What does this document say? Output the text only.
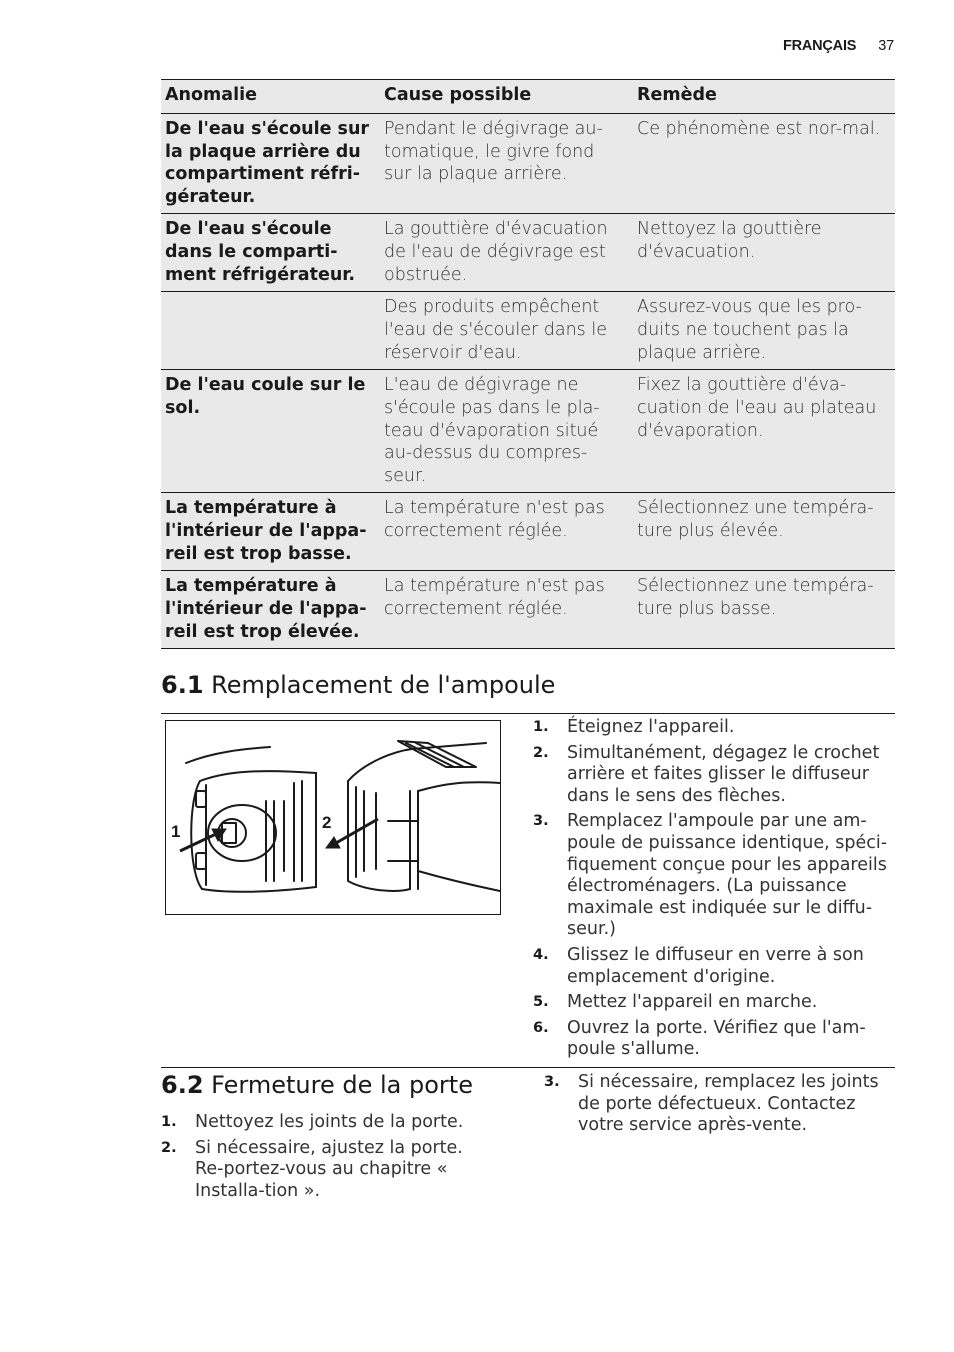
FRANÇAIS 37
Anomalie	Cause possible	Remède
De l'eau s'écoule sur la plaque arrière du compartiment réfri-gérateur.	Pendant le dégivrage au-tomatique, le givre fond sur la plaque arrière.	Ce phénomène est nor-mal.
De l'eau s'écoule dans le comparti-ment réfrigérateur.	La gouttière d'évacuation de l'eau de dégivrage est obstruée.	Nettoyez la gouttière d'évacuation.
	Des produits empêchent l'eau de s'écouler dans le réservoir d'eau.	Assurez-vous que les pro-duits ne touchent pas la plaque arrière.
De l'eau coule sur le sol.	L'eau de dégivrage ne s'écoule pas dans le pla-teau d'évaporation situé au-dessus du compres-seur.	Fixez la gouttière d'éva-cuation de l'eau au plateau d'évaporation.
La température à l'intérieur de l'appa-reil est trop basse.	La température n'est pas correctement réglée.	Sélectionnez une tempéra-ture plus élevée.
La température à l'intérieur de l'appa-reil est trop élevée.	La température n'est pas correctement réglée.	Sélectionnez une tempéra-ture plus basse.
6.1 Remplacement de l'ampoule
1	2
1. Éteignez l'appareil.
2. Simultanément, dégagez le crochet arrière et faites glisser le diffuseur dans le sens des flèches.
3. Remplacez l'ampoule par une am-poule de puissance identique, spéci-fiquement conçue pour les appareils électroménagers. (La puissance maximale est indiquée sur le diffu-seur.)
4. Glissez le diffuseur en verre à son emplacement d'origine.
5. Mettez l'appareil en marche.
6. Ouvrez la porte. Vérifiez que l'am-poule s'allume.
6.2 Fermeture de la porte
1. Nettoyez les joints de la porte.
2. Si nécessaire, ajustez la porte. Re-portez-vous au chapitre « Installa-tion ».
3. Si nécessaire, remplacez les joints de porte défectueux. Contactez votre service après-vente.
